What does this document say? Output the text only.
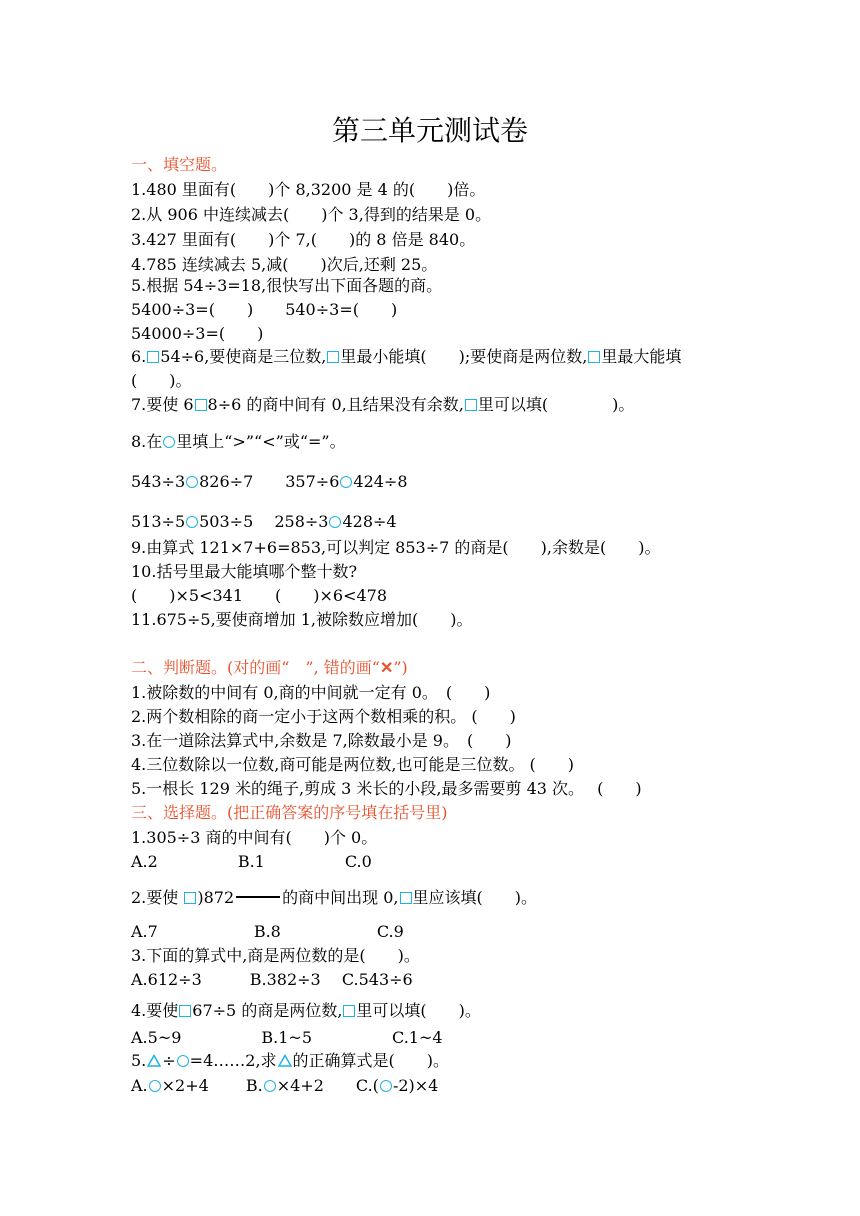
第三单元测试卷
一、填空题。
1.480 里面有(　　)个 8,3200 是 4 的(　　)倍。
2.从 906 中连续减去(　　)个 3,得到的结果是 0。
3.427 里面有(　　)个 7,(　　)的 8 倍是 840。
4.785 连续减去 5,减(　　)次后,还剩 25。
5.根据 54÷3=18,很快写出下面各题的商。
5400÷3=(　　)　　540÷3=(　　)
54000÷3=(　　)
6. 54÷6,要使商是三位数, 里最小能填(　　);要使商是两位数, 里最大能填
(　　)。
7.要使 6 8÷6 的商中间有 0,且结果没有余数, 里可以填(　　　　)。
8.在 里填上“>”“<”或“=”。
543÷3 826÷7　　357÷6 424÷8
513÷5 503÷5　 258÷3 428÷4
9.由算式 121×7+6=853,可以判定 853÷7 的商是(　　),余数是(　　)。
10.括号里最大能填哪个整十数?
(　　)×5<341　　(　　)×6<478
11.675÷5,要使商增加 1,被除数应增加(　　)。
二、判断题。(对的画“　”, 错的画“✕”)
1.被除数的中间有 0,商的中间就一定有 0。　(　　)
2.两个数相除的商一定小于这两个数相乘的积。 (　　)
3.在一道除法算式中,余数是 7,除数最小是 9。　(　　)
4.三位数除以一位数,商可能是两位数,也可能是三位数。 (　　)
5.一根长 129 米的绳子,剪成 3 米长的小段,最多需要剪 43 次。　 (　　)
三、选择题。(把正确答案的序号填在括号里)
1.305÷3 商的中间有(　　)个 0。
A.2　　　　　B.1　　　　　C.0
2.要使 )872	的商中间出现 0, 里应该填(　　)。
A.7　　　　　　B.8　　　　　　C.9
3.下面的算式中,商是两位数的是(　　)。
A.612÷3　　　B.382÷3　 C.543÷6
4.要使 67÷5 的商是两位数, 里可以填(　　)。
A.5~9　　　　　B.1~5　　　　　C.1~4
5. ÷ =4……2,求 的正确算式是(　　)。
A. ×2+4　　 B. ×4+2　　C.( -2)×4
